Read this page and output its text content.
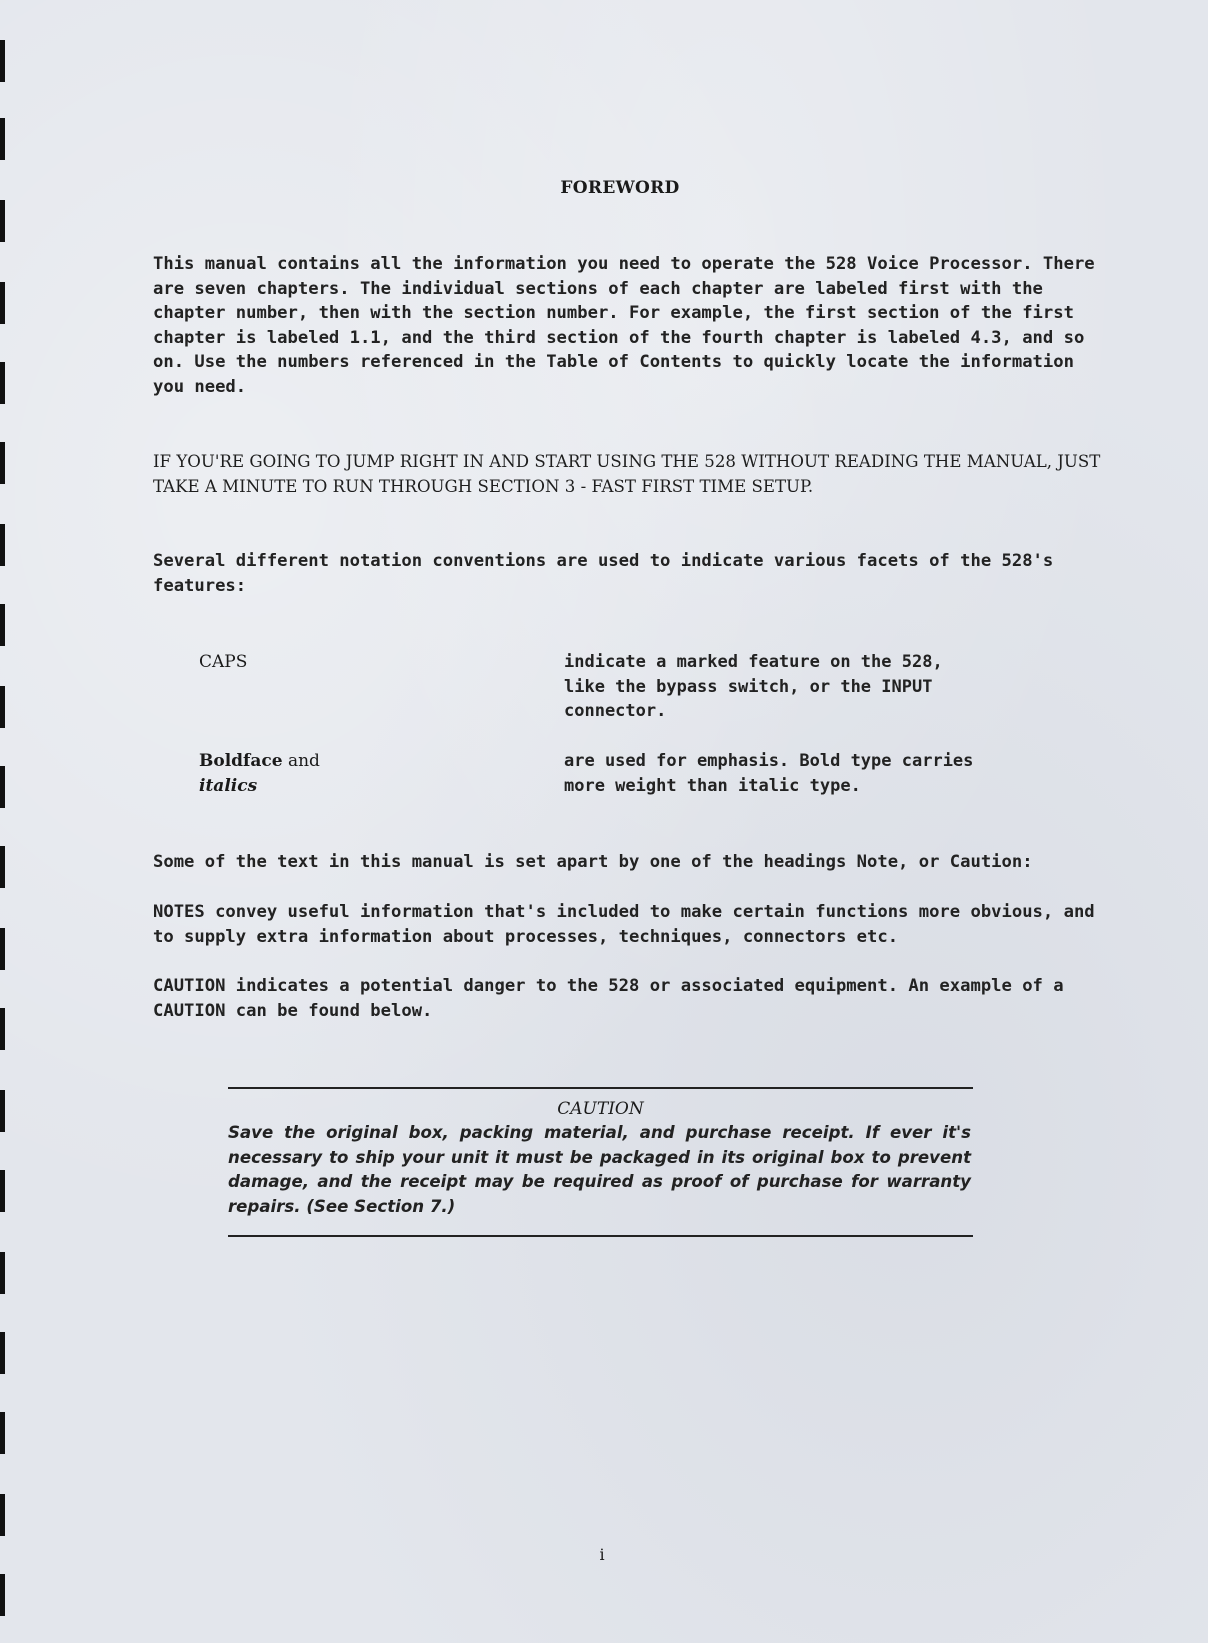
FOREWORD

This manual contains all the information you need to operate the 528 Voice Processor. There are seven chapters. The individual sections of each chapter are labeled first with the chapter number, then with the section number. For example, the first section of the first chapter is labeled 1.1, and the third section of the fourth chapter is labeled 4.3, and so on. Use the numbers referenced in the Table of Contents to quickly locate the information you need.

IF YOU'RE GOING TO JUMP RIGHT IN AND START USING THE 528 WITHOUT READING THE MANUAL, JUST TAKE A MINUTE TO RUN THROUGH SECTION 3 - FAST FIRST TIME SETUP.

Several different notation conventions are used to indicate various facets of the 528's features:

CAPS	indicate a marked feature on the 528, like the bypass switch, or the INPUT connector.
Boldface and
italics
are used for emphasis. Bold type carries more weight than italic type.

Some of the text in this manual is set apart by one of the headings Note, or Caution:

NOTES convey useful information that's included to make certain functions more obvious, and to supply extra information about processes, techniques, connectors etc.

CAUTION indicates a potential danger to the 528 or associated equipment. An example of a CAUTION can be found below.

CAUTION
Save the original box, packing material, and purchase receipt. If ever it's necessary to ship your unit it must be packaged in its original box to prevent damage, and the receipt may be required as proof of purchase for warranty repairs. (See Section 7.)
i
